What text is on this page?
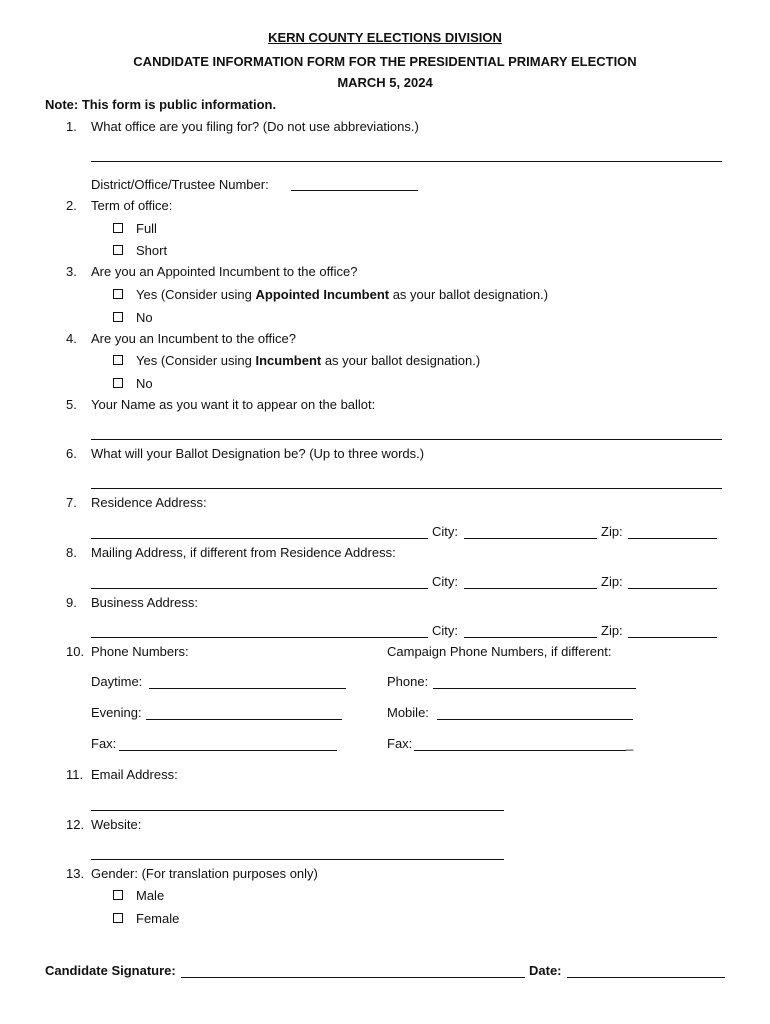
KERN COUNTY ELECTIONS DIVISION
CANDIDATE INFORMATION FORM FOR THE PRESIDENTIAL PRIMARY ELECTION
MARCH 5, 2024
Note: This form is public information.
1. What office are you filing for? (Do not use abbreviations.)
District/Office/Trustee Number:
2. Term of office:
Full
Short
3. Are you an Appointed Incumbent to the office?
Yes (Consider using Appointed Incumbent as your ballot designation.)
No
4. Are you an Incumbent to the office?
Yes (Consider using Incumbent as your ballot designation.)
No
5. Your Name as you want it to appear on the ballot:
6. What will your Ballot Designation be? (Up to three words.)
7. Residence Address:
City:	Zip:
8. Mailing Address, if different from Residence Address:
City:	Zip:
9. Business Address:
City:	Zip:
10. Phone Numbers:	Campaign Phone Numbers, if different:
Daytime:	Phone:
Evening:	Mobile:
Fax:	Fax:	_
11. Email Address:
12. Website:
13. Gender: (For translation purposes only)
Male
Female
Candidate Signature:	Date:
